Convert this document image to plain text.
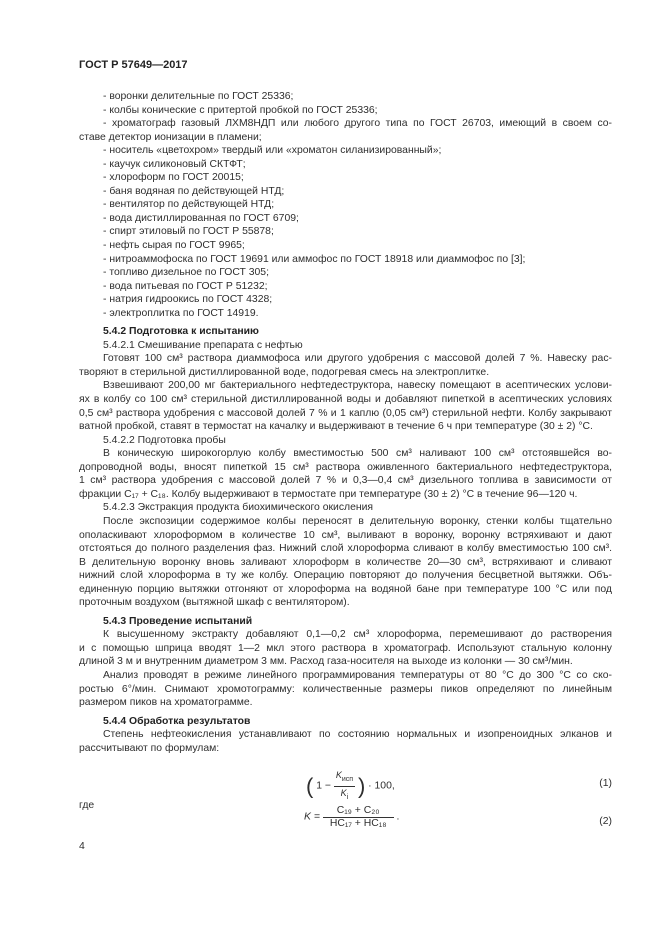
ГОСТ Р 57649—2017
- воронки делительные по ГОСТ 25336;
- колбы конические с притертой пробкой по ГОСТ 25336;
- хроматограф газовый ЛХМ8НДП или любого другого типа по ГОСТ 26703, имеющий в своем со-
ставе детектор ионизации в пламени;
- носитель «цветохром» твердый или «хроматон силанизированный»;
- каучук силиконовый СКТФТ;
- хлороформ по ГОСТ 20015;
- баня водяная по действующей НТД;
- вентилятор по действующей НТД;
- вода дистиллированная по ГОСТ 6709;
- спирт этиловый по ГОСТ Р 55878;
- нефть сырая по ГОСТ 9965;
- нитроаммофоска по ГОСТ 19691 или аммофос по ГОСТ 18918 или диаммофос по [3];
- топливо дизельное по ГОСТ 305;
- вода питьевая по ГОСТ Р 51232;
- натрия гидроокись по ГОСТ 4328;
- электроплитка по ГОСТ 14919.
5.4.2 Подготовка к испытанию
5.4.2.1 Смешивание препарата с нефтью
Готовят 100 см³ раствора диаммофоса или другого удобрения с массовой долей 7 %. Навеску рас-
творяют в стерильной дистиллированной воде, подогревая смесь на электроплитке.
Взвешивают 200,00 мг бактериального нефтедеструктора, навеску помещают в асептических услови-
ях в колбу со 100 см³ стерильной дистиллированной воды и добавляют пипеткой в асептических условиях
0,5 см³ раствора удобрения с массовой долей 7 % и 1 каплю (0,05 см³) стерильной нефти. Колбу закрывают
ватной пробкой, ставят в термостат на качалку и выдерживают в течение 6 ч при температуре (30 ± 2) °С.
5.4.2.2 Подготовка пробы
В коническую широкогорлую колбу вместимостью 500 см³ наливают 100 см³ отстоявшейся во-
допроводной воды, вносят пипеткой 15 см³ раствора оживленного бактериального нефтедеструктора,
1 см³ раствора удобрения с массовой долей 7 % и 0,3—0,4 см³ дизельного топлива в зависимости от
фракции C₁₇ + C₁₈. Колбу выдерживают в термостате при температуре (30 ± 2) °С в течение 96—120 ч.
5.4.2.3 Экстракция продукта биохимического окисления
После экспозиции содержимое колбы переносят в делительную воронку, стенки колбы тщательно
ополаскивают хлороформом в количестве 10 см³, выливают в воронку, воронку встряхивают и дают
отстояться до полного разделения фаз. Нижний слой хлороформа сливают в колбу вместимостью 100 см³.
В делительную воронку вновь заливают хлороформ в количестве 20—30 см³, встряхивают и сливают
нижний слой хлороформа в ту же колбу. Операцию повторяют до получения бесцветной вытяжки. Объ-
единенную порцию вытяжки отгоняют от хлороформа на водяной бане при температуре 100 °С или под
проточным воздухом (вытяжной шкаф с вентилятором).
5.4.3 Проведение испытаний
К высушенному экстракту добавляют 0,1—0,2 см³ хлороформа, перемешивают до растворения
и с помощью шприца вводят 1—2 мкл этого раствора в хроматограф. Используют стальную колонну
длиной 3 м и внутренним диаметром 3 мм. Расход газа-носителя на выходе из колонки — 30 см³/мин.
Анализ проводят в режиме линейного программирования температуры от 80 °С до 300 °С со ско-
ростью 6°/мин. Снимают хромотограмму: количественные размеры пиков определяют по линейным
размером пиков на хроматограмме.
5.4.4 Обработка результатов
Степень нефтеокисления устанавливают по состоянию нормальных и изопреноидных элканов и
рассчитывают по формулам:
( $1 - \frac{K_{исп}}{K_i}$ ) · 100,	(1)
где
$K = \frac{\text{C₁₉ + C₂₀}}{\text{HC₁₇ + HC₁₈}}$ .	(2)
4
